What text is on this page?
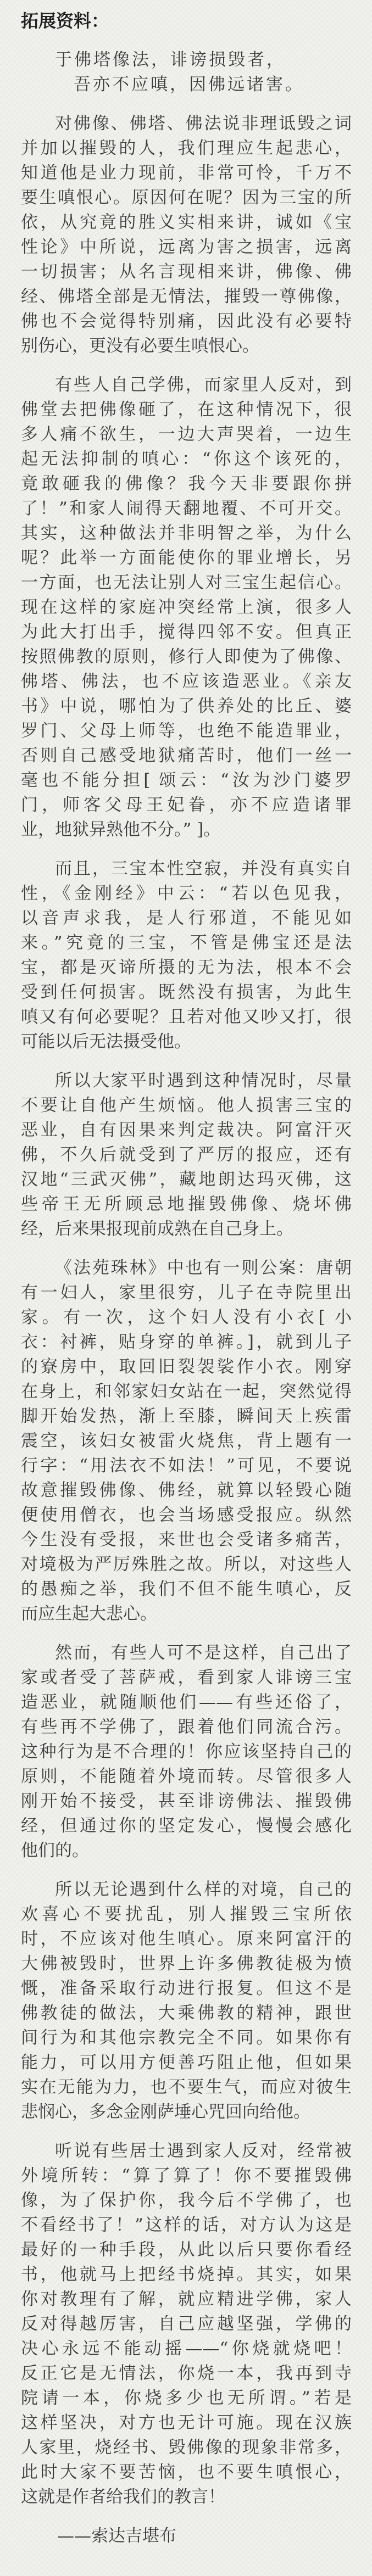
拓展资料：
于佛塔像法，诽谤损毁者，
吾亦不应嗔，因佛远诸害。
对佛像、佛塔、佛法说非理诋毁之词
并加以摧毁的人，我们理应生起悲心，
知道他是业力现前，非常可怜，千万不
要生嗔恨心。原因何在呢？因为三宝的所
依，从究竟的胜义实相来讲，诚如《宝
性论》中所说，远离为害之损害，远离
一切损害；从名言现相来讲，佛像、佛
经、佛塔全部是无情法，摧毁一尊佛像，
佛也不会觉得特别痛，因此没有必要特
别伤心，更没有必要生嗔恨心。
有些人自己学佛，而家里人反对，到
佛堂去把佛像砸了，在这种情况下，很
多人痛不欲生，一边大声哭着，一边生
起无法抑制的嗔心：“你这个该死的，
竟敢砸我的佛像？我今天非要跟你拼
了！”和家人闹得天翻地覆、不可开交。
其实，这种做法并非明智之举，为什么
呢？此举一方面能使你的罪业增长，另
一方面，也无法让别人对三宝生起信心。
现在这样的家庭冲突经常上演，很多人
为此大打出手，搅得四邻不安。但真正
按照佛教的原则，修行人即使为了佛像、
佛塔、佛法，也不应该造恶业。《亲友
书》中说，哪怕为了供养处的比丘、婆
罗门、父母上师等，也绝不能造罪业，
否则自己感受地狱痛苦时，他们一丝一
毫也不能分担[ 颂云：“汝为沙门婆罗
门，师客父母王妃眷，亦不应造诸罪
业，地狱异熟他不分。” ]。
而且，三宝本性空寂，并没有真实自
性，《金刚经》中云：“若以色见我，
以音声求我，是人行邪道，不能见如
来。”究竟的三宝，不管是佛宝还是法
宝，都是灭谛所摄的无为法，根本不会
受到任何损害。既然没有损害，为此生
嗔又有何必要呢？且若对他又吵又打，很
可能以后无法摄受他。
所以大家平时遇到这种情况时，尽量
不要让自他产生烦恼。他人损害三宝的
恶业，自有因果来判定裁决。阿富汗灭
佛，不久后就受到了严厉的报应，还有
汉地“三武灭佛”，藏地朗达玛灭佛，这
些帝王无所顾忌地摧毁佛像、烧坏佛
经，后来果报现前成熟在自己身上。
《法苑珠林》中也有一则公案：唐朝
有一妇人，家里很穷，儿子在寺院里出
家。有一次，这个妇人没有小衣[ 小
衣：衬裤，贴身穿的单裤。]，就到儿子
的寮房中，取回旧裂袈裟作小衣。刚穿
在身上，和邻家妇女站在一起，突然觉得
脚开始发热，渐上至膝，瞬间天上疾雷
震空，该妇女被雷火烧焦，背上题有一
行字：“用法衣不如法！”可见，不要说
故意摧毁佛像、佛经，就算以轻毁心随
便使用僧衣，也会当场感受报应。纵然
今生没有受报，来世也会受诸多痛苦，
对境极为严厉殊胜之故。所以，对这些人
的愚痴之举，我们不但不能生嗔心，反
而应生起大悲心。
然而，有些人可不是这样，自己出了
家或者受了菩萨戒，看到家人诽谤三宝
造恶业，就随顺他们——有些还俗了，
有些再不学佛了，跟着他们同流合污。
这种行为是不合理的！你应该坚持自己的
原则，不能随着外境而转。尽管很多人
刚开始不接受，甚至诽谤佛法、摧毁佛
经，但通过你的坚定发心，慢慢会感化
他们的。
所以无论遇到什么样的对境，自己的
欢喜心不要扰乱，别人摧毁三宝所依
时，不应该对他生嗔心。原来阿富汗的
大佛被毁时，世界上许多佛教徒极为愤
慨，准备采取行动进行报复。但这不是
佛教徒的做法，大乘佛教的精神，跟世
间行为和其他宗教完全不同。如果你有
能力，可以用方便善巧阻止他，但如果
实在无能为力，也不要生气，而应对彼生
悲悯心，多念金刚萨埵心咒回向给他。
听说有些居士遇到家人反对，经常被
外境所转：“算了算了！你不要摧毁佛
像，为了保护你，我今后不学佛了，也
不看经书了！”这样的话，对方认为这是
最好的一种手段，从此以后只要你看经
书，他就马上把经书烧掉。其实，如果
你对教理有了解，就应精进学佛，家人
反对得越厉害，自己应越坚强，学佛的
决心永远不能动摇——“你烧就烧吧！
反正它是无情法，你烧一本，我再到寺
院请一本，你烧多少也无所谓。”若是
这样坚决，对方也无计可施。现在汉族
人家里，烧经书、毁佛像的现象非常多，
此时大家不要苦恼，也不要生嗔恨心，
这就是作者给我们的教言！
——索达吉堪布
